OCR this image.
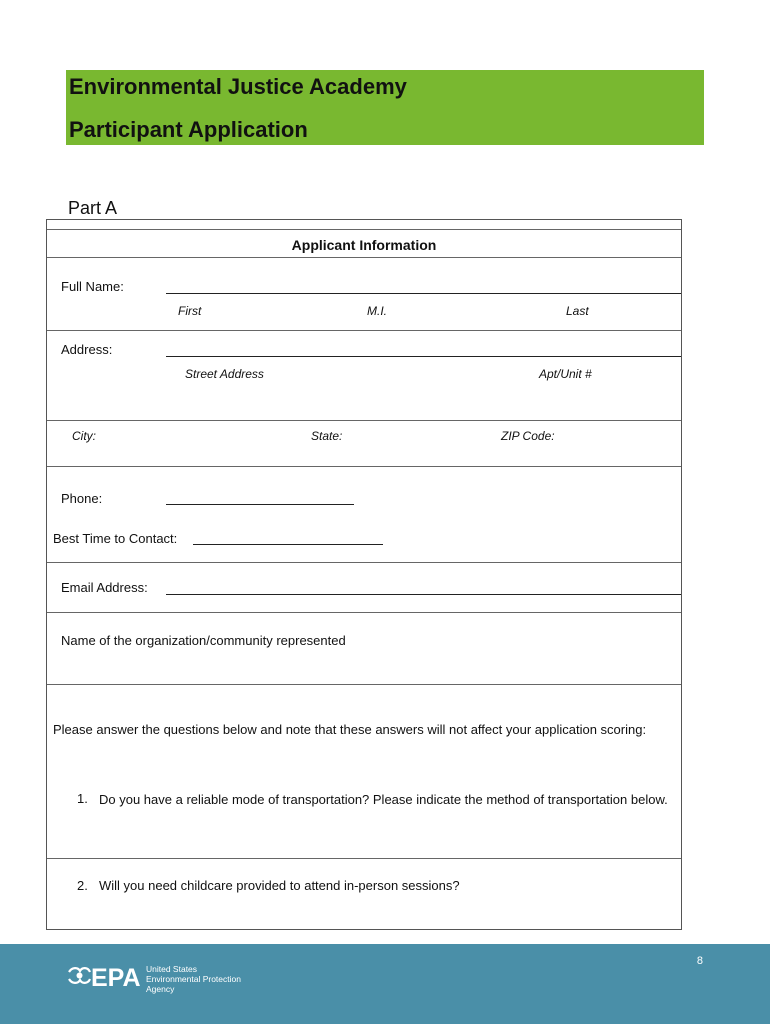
Environmental Justice Academy
Participant Application
Part A
Applicant Information
Full Name:
First	M.I.	Last
Address:
Street Address	Apt/Unit #
City:	State:	ZIP Code:
Phone:
Best Time to Contact:
Email Address:
Name of the organization/community represented
Please answer the questions below and note that these answers will not affect your application scoring:
1. Do you have a reliable mode of transportation? Please indicate the method of transportation below.
2. Will you need childcare provided to attend in-person sessions?
EPA United States
Environmental Protection
Agency
8
